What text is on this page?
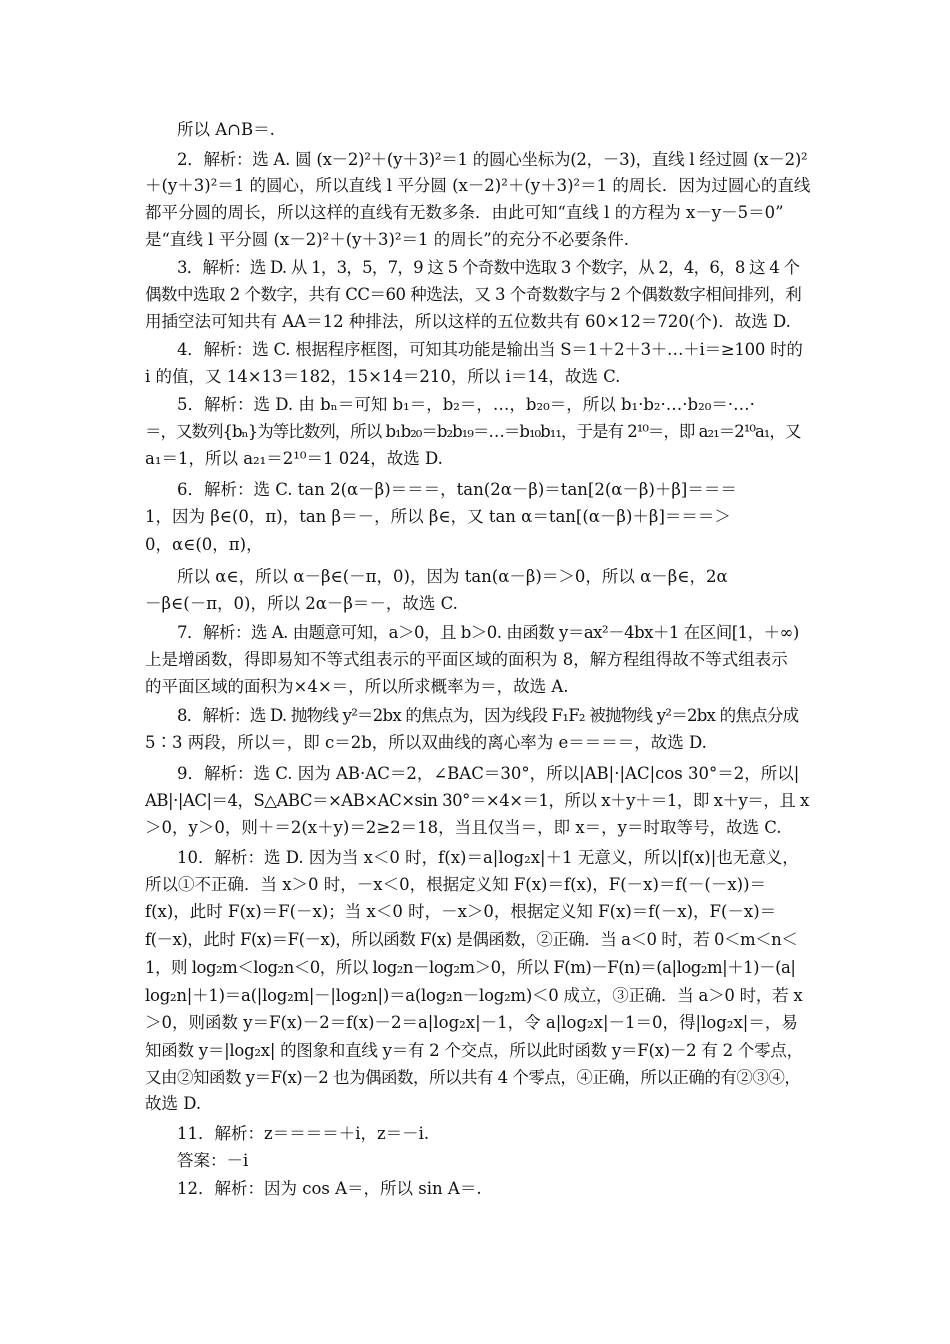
所以 A∩B＝.
2．解析：选 A. 圆 (x－2)²＋(y＋3)²＝1 的圆心坐标为(2，－3)，直线 l 经过圆 (x－2)²
＋(y＋3)²＝1 的圆心，所以直线 l 平分圆 (x－2)²＋(y＋3)²＝1 的周长．因为过圆心的直线
都平分圆的周长，所以这样的直线有无数多条．由此可知“直线 l 的方程为 x－y－5＝0”
是“直线 l 平分圆 (x－2)²＋(y＋3)²＝1 的周长”的充分不必要条件.
3．解析：选 D. 从 1，3，5，7，9 这 5 个奇数中选取 3 个数字，从 2，4，6，8 这 4 个
偶数中选取 2 个数字，共有 CC＝60 种选法，又 3 个奇数数字与 2 个偶数数字相间排列，利
用插空法可知共有 AA＝12 种排法，所以这样的五位数共有 60×12＝720(个)．故选 D.
4．解析：选 C. 根据程序框图，可知其功能是输出当 S＝1＋2＋3＋…＋i＝≥100 时的
i 的值，又 14×13＝182，15×14＝210，所以 i＝14，故选 C.
5．解析：选 D. 由 bₙ＝可知 b₁＝，b₂＝，…，b₂₀＝，所以 b₁·b₂·…·b₂₀＝·…·
＝，又数列{bₙ}为等比数列，所以 b₁b₂₀＝b₂b₁₉＝…＝b₁₀b₁₁，于是有 2¹⁰＝，即 a₂₁＝2¹⁰a₁，又
a₁＝1，所以 a₂₁＝2¹⁰＝1 024，故选 D.
6．解析：选 C. tan 2(α－β)＝＝＝，tan(2α－β)＝tan[2(α－β)＋β]＝＝＝
1，因为 β∈(0，π)，tan β＝－，所以 β∈，又 tan α＝tan[(α－β)＋β]＝＝＝＞
0，α∈(0，π)，
所以 α∈，所以 α－β∈(－π，0)，因为 tan(α－β)＝＞0，所以 α－β∈，2α
－β∈(－π，0)，所以 2α－β＝－，故选 C.
7．解析：选 A. 由题意可知，a＞0，且 b＞0. 由函数 y＝ax²－4bx＋1 在区间[1，＋∞)
上是增函数，得即易知不等式组表示的平面区域的面积为 8，解方程组得故不等式组表示
的平面区域的面积为×4×＝，所以所求概率为＝，故选 A.
8．解析：选 D. 抛物线 y²＝2bx 的焦点为，因为线段 F₁F₂ 被抛物线 y²＝2bx 的焦点分成
5∶3 两段，所以＝，即 c＝2b，所以双曲线的离心率为 e＝＝＝＝，故选 D.
9．解析：选 C. 因为 AB·AC＝2，∠BAC＝30°，所以|AB|·|AC|cos 30°＝2，所以|
AB|·|AC|＝4，S△ABC＝×AB×AC×sin 30°＝×4×＝1，所以 x＋y＋＝1，即 x＋y＝，且 x
＞0，y＞0，则＋＝2(x＋y)＝2≥2＝18，当且仅当＝，即 x＝，y＝时取等号，故选 C.
10．解析：选 D. 因为当 x＜0 时，f(x)＝a|log₂x|＋1 无意义，所以|f(x)|也无意义，
所以①不正确．当 x＞0 时，－x＜0，根据定义知 F(x)＝f(x)，F(－x)＝f(－(－x))＝
f(x)，此时 F(x)＝F(－x)；当 x＜0 时，－x＞0，根据定义知 F(x)＝f(－x)，F(－x)＝
f(－x)，此时 F(x)＝F(－x)，所以函数 F(x) 是偶函数，②正确．当 a＜0 时，若 0＜m＜n＜
1，则 log₂m＜log₂n＜0，所以 log₂n－log₂m＞0，所以 F(m)－F(n)＝(a|log₂m|＋1)－(a|
log₂n|＋1)＝a(|log₂m|－|log₂n|)＝a(log₂n－log₂m)＜0 成立，③正确．当 a＞0 时，若 x
＞0，则函数 y＝F(x)－2＝f(x)－2＝a|log₂x|－1，令 a|log₂x|－1＝0，得|log₂x|＝，易
知函数 y＝|log₂x| 的图象和直线 y＝有 2 个交点，所以此时函数 y＝F(x)－2 有 2 个零点，
又由②知函数 y＝F(x)－2 也为偶函数，所以共有 4 个零点，④正确，所以正确的有②③④，
故选 D.
11．解析：z＝＝＝＝＋i，z＝－i.
答案：－i
12．解析：因为 cos A＝，所以 sin A＝.
